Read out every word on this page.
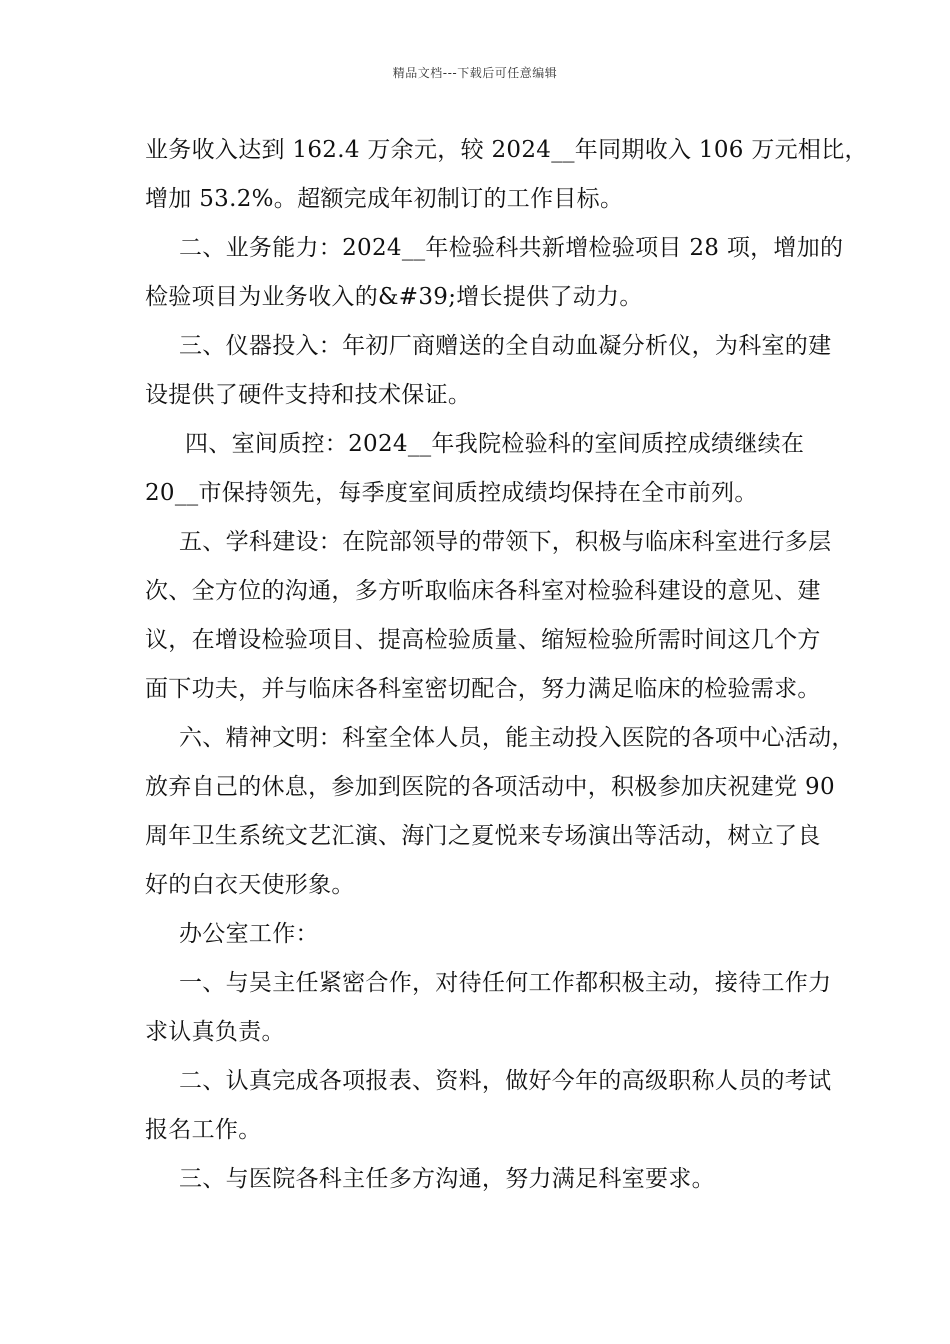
精品文档---下载后可任意编辑

业务收入达到 162.4 万余元，较 2024__年同期收入 106 万元相比，
增加 53.2%。超额完成年初制订的工作目标。

二、业务能力：2024__年检验科共新增检验项目 28 项，增加的
检验项目为业务收入的&#39;增长提供了动力。

三、仪器投入：年初厂商赠送的全自动血凝分析仪，为科室的建
设提供了硬件支持和技术保证。

四、室间质控：2024__年我院检验科的室间质控成绩继续在
20__市保持领先，每季度室间质控成绩均保持在全市前列。

五、学科建设：在院部领导的带领下，积极与临床科室进行多层
次、全方位的沟通，多方听取临床各科室对检验科建设的意见、建
议，在增设检验项目、提高检验质量、缩短检验所需时间这几个方
面下功夫，并与临床各科室密切配合，努力满足临床的检验需求。

六、精神文明：科室全体人员，能主动投入医院的各项中心活动，
放弃自己的休息，参加到医院的各项活动中，积极参加庆祝建党 90
周年卫生系统文艺汇演、海门之夏悦来专场演出等活动，树立了良
好的白衣天使形象。

办公室工作：

一、与吴主任紧密合作，对待任何工作都积极主动，接待工作力
求认真负责。

二、认真完成各项报表、资料，做好今年的高级职称人员的考试
报名工作。

三、与医院各科主任多方沟通，努力满足科室要求。
